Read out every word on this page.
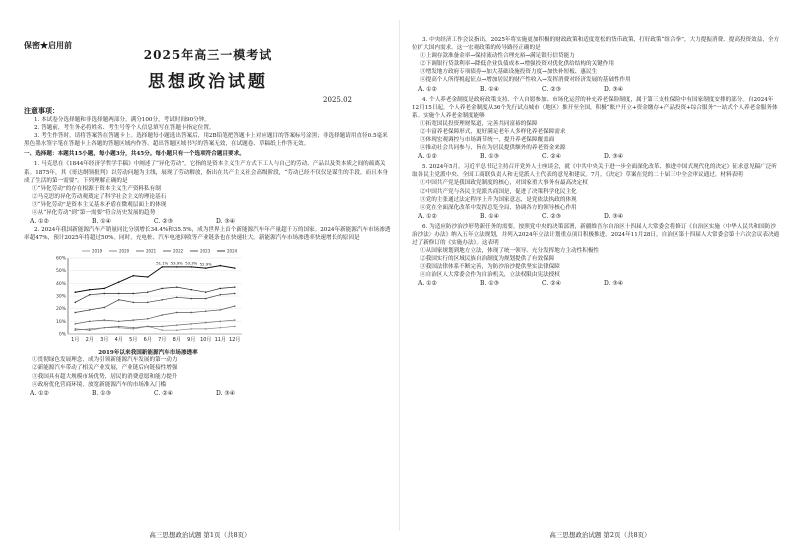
保密★启用前
2025年高三一模考试
思想政治试题
2025.02
注意事项：
1. 本试卷分选择题和非选择题两部分。满分100分，考试时间90分钟。
2. 答题前，考生务必将姓名、考生号等个人信息填写在答题卡指定位置。
3. 考生作答时，请将答案答在答题卡上。选择题每小题选出答案后，用2B铅笔把答题卡上对应题目的答案标号涂黑；非选择题请用直径0.5毫米黑色墨水签字笔在答题卡上各题的答题区域内作答。超出答题区域书写的答案无效，在试题卷、草稿纸上作答无效。
一、选择题：本题共15小题，每小题3分，共45分。每小题只有一个选项符合题目要求。
1. 马克思在《1844年经济学哲学手稿》中阐述了“异化劳动”，它指的是资本主义生产方式下工人与自己的劳动、产品以及类本质之间的疏离关系。1875年，其《哥达纲领批判》以劳动问题为主线，展现了劳动解放，指出在共产主义社会高级阶段，“劳动已经不仅仅是谋生的手段，而且本身成了生活的第一需要”。下列理解正确的是
①“异化劳动”的存在根源于资本主义生产资料私有制
②马克思的异化劳动观奠定了科学社会主义的理论基石
③“异化劳动”是资本主义基本矛盾在微观层面上的体现
④从“异化劳动”到“第一需要”符合历史发展的趋势
A. ①②	B. ①④	C. ②③	D. ③④
2. 2024年我国新能源汽车产销量同比分别增长34.4%和35.5%，成为世界上首个新能源汽车年产量超千万的国家。2024年新能源汽车市场渗透率超47%，预计2025年将超过50%。同时，充电桩、汽车电池回收等产业链条也在快速壮大。新能源汽车市场渗透率快速增长的原因是
0%
10%
20%
30%
40%
50%
60%
1月 2月 3月 4月 5月 6月 7月 8月 9月 10月 11月 12月
2019	2020	2021	2022	2023	2024
51.1% 53.9% 53.3% 52.9%
2019年以来我国新能源汽车市场渗透率
①贯彻绿色发展理念，成为引领新能源汽车发展的第一动力
②新能源汽车带动了相关产业发展，产业链后向链接性增强
③我国具有超大规模市场优势，居民的消费意愿和能力提升
④政府优化营商环境，放宽新能源汽车的市场准入门槛
A. ①②	B. ①③	C. ②④	D. ③④
高三思想政治试题 第1页（共8页）
3. 中央经济工作会议指出，2025年将实施更加积极的财政政策和适度宽松的货币政策，打好政策“组合拳”，大力提振消费、提高投资效益，全方位扩大国内需求。这一宏观政策的传导路径正确的是
①上调存款准备金率→保持流动性合理充裕→满足银行信贷能力
②下调银行贷款利率→降低企业负债成本→增强投资对优化供给结构的关键作用
③增发地方政府专项债券→加大基础设施投资力度→加快补短板、惠民生
④提高个人所得税起征点→增加居民的财产性收入→发挥消费对经济发展的基础性作用
A. ①②	B. ①④	C. ②③	D. ③④
4. 个人养老金制度是政府政策支持、个人自愿参加、市场化运营的补充养老保险制度，属于第三支柱保险中有国家制度安排的部分。自2024年12月15日起，个人养老金制度从36个先行试点城市（地区）推开至全国，积极“账户开立+资金缴存+产品投资+综合服务”一站式个人养老金服务体系。实施个人养老金制度能够
①拓宽国民投资理财渠道，完善共同富裕的保障
②丰富养老保障形式，更好满足老年人多样化养老保障需求
③体现宏观调控与市场调节统一，提升养老保障覆盖面
④推动社会共同参与，旨在为居民提供额外的养老资金来源
A. ①②	B. ①③	C. ②④	D. ③④
5. 2024年5月，习近平总书记主持召开党外人士座谈会，就《中共中央关于进一步全面深化改革、推进中国式现代化的决定》征求意见稿广泛听取各民主党派中央、全国工商联负责人和无党派人士代表的意见和建议。7月，《决定》草案在党的二十届三中全会审议通过。材料表明
①中国共产党是我国政党制度的核心，对国家重大事务有最高决定权
②中国共产党与各民主党派共商国是，促进了决策科学化民主化
③党的主张通过法定程序上升为国家意志，是党依法执政的体现
④党在全面深化改革中发挥总览全局、协调各方的领导核心作用
A. ①②	B. ①④	C. ②③	D. ③④
6. 为适应防沙治沙形势新任务的需要，按照党中央的决策部署，新疆维吾尔自治区十四届人大常委会将修订《自治区实施〈中华人民共和国防沙治沙法〉办法》纳入五年立法规划，并列入2024年立法计划重点项目积极推进。2024年11月28日，自治区第十四届人大常委会第十六次会议表决通过了新修订的《实施办法》。这表明
①从国家规划到地方立法，体现了统一领导、充分发挥地方主动性积极性
②我国实行的区域民族自治制度为规划提供了有效保障
③我国法律体系不断完善，为防沙治沙提供坚实法律保障
④自治区人大常委会作为自治机关，立法权限由宪法授权
A. ①②	B. ①③	C. ②④	D. ③④
高三思想政治试题 第2页（共8页）
